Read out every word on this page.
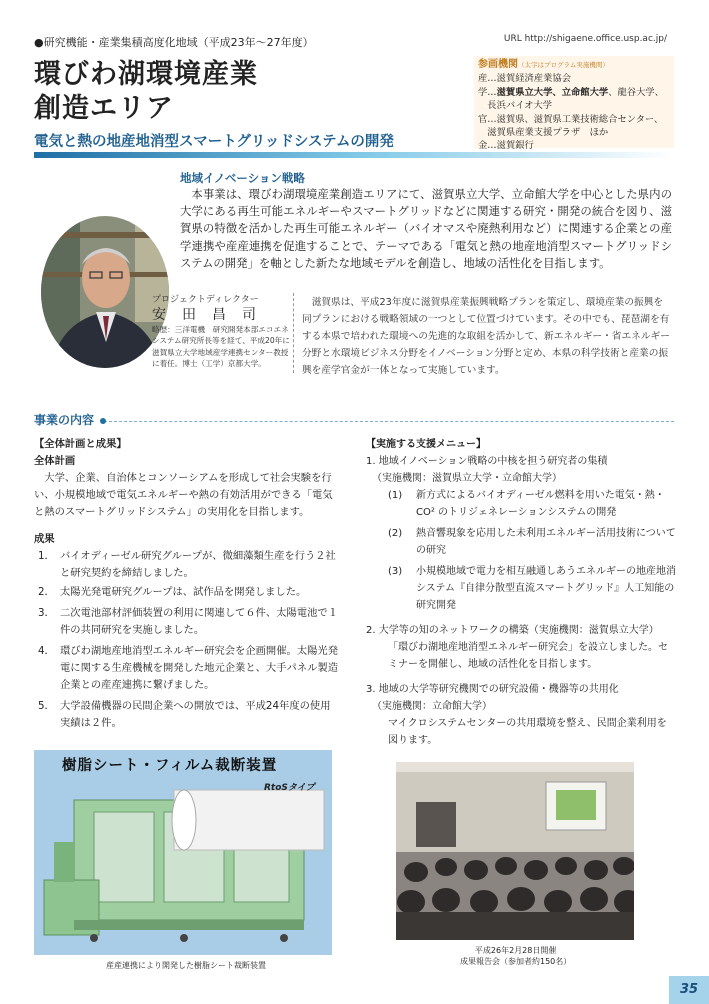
●研究機能・産業集積高度化地域（平成23年〜27年度）	URL http://shigaene.office.usp.ac.jp/
環びわ湖環境産業
創造エリア
電気と熱の地産地消型スマートグリッドシステムの開発
参画機関（太字はプログラム実施機関）
産…滋賀経済産業協会
学…滋賀県立大学、立命館大学、龍谷大学、
　長浜バイオ大学
官…滋賀県、滋賀県工業技術総合センター、
　滋賀県産業支援プラザ　ほか
金…滋賀銀行
地域イノベーション戦略
本事業は、環びわ湖環境産業創造エリアにて、滋賀県立大学、立命館大学を中心とした県内の大学にある再生可能エネルギーやスマートグリッドなどに関連する研究・開発の統合を図り、滋賀県の特徴を活かした再生可能エネルギー（バイオマスや廃熱利用など）に関連する企業との産学連携や産産連携を促進することで、テーマである「電気と熱の地産地消型スマートグリッドシステムの開発」を軸とした新たな地域モデルを創造し、地域の活性化を目指します。
プロジェクトディレクター
安田昌司
略歴：三洋電機　研究開発本部エコエネシステム研究所長等を経て、平成20年に滋賀県立大学地域産学連携センター教授に着任。博士（工学）京都大学。
滋賀県は、平成23年度に滋賀県産業振興戦略プランを策定し、環境産業の振興を同プランにおける戦略領域の一つとして位置づけています。その中でも、琵琶湖を有する本県で培われた環境への先進的な取組を活かして、新エネルギー・省エネルギー分野と水環境ビジネス分野をイノベーション分野と定め、本県の科学技術と産業の振興を産学官金が一体となって実施しています。
事業の内容
【全体計画と成果】
全体計画
大学、企業、自治体とコンソーシアムを形成して社会実験を行い、小規模地域で電気エネルギーや熱の有効活用ができる「電気と熱のスマートグリッドシステム」の実用化を目指します。
成果
1． バイオディーゼル研究グループが、微細藻類生産を行う２社と研究契約を締結しました。
2． 太陽光発電研究グループは、試作品を開発しました。
3． 二次電池部材評価装置の利用に関連して６件、太陽電池で１件の共同研究を実施しました。
4． 環びわ湖地産地消型エネルギー研究会を企画開催。太陽光発電に関する生産機械を開発した地元企業と、大手パネル製造企業との産産連携に繋げました。
5． 大学設備機器の民間企業への開放では、平成24年度の使用実績は２件。
【実施する支援メニュー】
1. 地域イノベーション戦略の中核を担う研究者の集積
（実施機関：滋賀県立大学・立命館大学）
(1)	新方式によるバイオディーゼル燃料を用いた電気・熱・CO² のトリジェネレーションシステムの開発
(2)	熱音響現象を応用した未利用エネルギー活用技術についての研究
(3)	小規模地域で電力を相互融通しあうエネルギーの地産地消システム『自律分散型直流スマートグリッド』人工知能の研究開発
2. 大学等の知のネットワークの構築（実施機関：滋賀県立大学）
「環びわ湖地産地消型エネルギー研究会」を設立しました。セミナーを開催し、地域の活性化を目指します。
3. 地域の大学等研究機関での研究設備・機器等の共用化
（実施機関：立命館大学）
マイクロシステムセンターの共用環境を整え、民間企業利用を図ります。
樹脂シート・フィルム裁断装置
RtoSタイプ
産産連携により開発した樹脂シート裁断装置
平成26年2月28日開催
成果報告会（参加者約150名）
35
